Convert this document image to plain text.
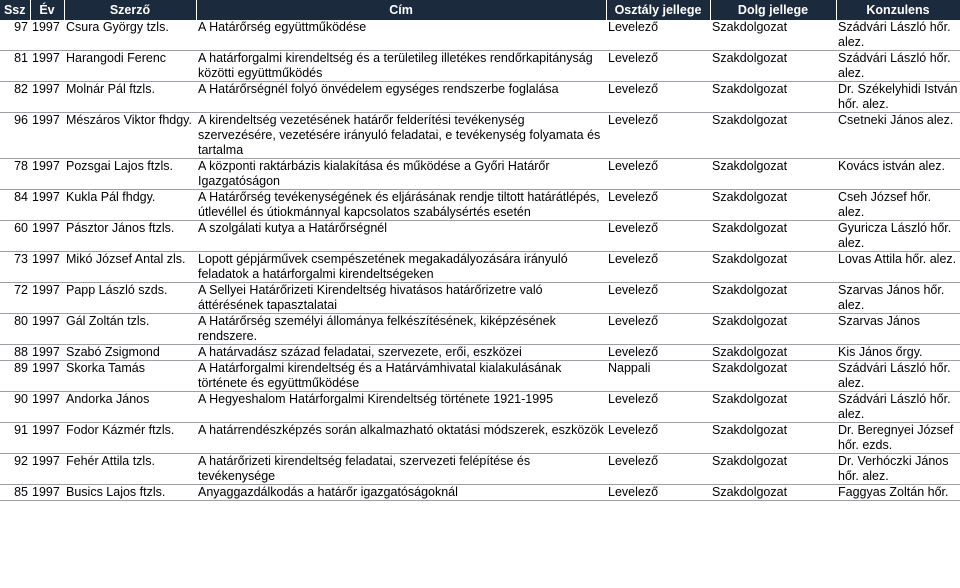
Ssz	Év	Szerző	Cím	Osztály jellege	Dolg jellege	Konzulens
97	1997	Csura György tzls.	A Határőrség együttműködése	Levelező	Szakdolgozat	Szádvári László hőr. alez.
81	1997	Harangodi Ferenc	A határforgalmi kirendeltség és a területileg illetékes rendőrkapitányság közötti együttműködés	Levelező	Szakdolgozat	Szádvári László hőr. alez.
82	1997	Molnár Pál ftzls.	A Határőrségnél folyó önvédelem egységes rendszerbe foglalása	Levelező	Szakdolgozat	Dr. Székelyhidi István hőr. alez.
96	1997	Mészáros Viktor fhdgy.	A kirendeltség vezetésének határőr felderítési tevékenység szervezésére, vezetésére irányuló feladatai, e tevékenység folyamata és tartalma	Levelező	Szakdolgozat	Csetneki János alez.
78	1997	Pozsgai Lajos ftzls.	A központi raktárbázis kialakítása és működése a Győri Határőr Igazgatóságon	Levelező	Szakdolgozat	Kovács istván alez.
84	1997	Kukla Pál fhdgy.	A Határőrség tevékenységének és eljárásának rendje tiltott határátlépés, útlevéllel és útiokmánnyal kapcsolatos szabálysértés esetén	Levelező	Szakdolgozat	Cseh József hőr. alez.
60	1997	Pásztor János ftzls.	A szolgálati kutya a Határőrségnél	Levelező	Szakdolgozat	Gyuricza László hőr. alez.
73	1997	Mikó József Antal zls.	Lopott gépjárművek csempészetének megakadályozására irányuló feladatok a határforgalmi kirendeltségeken	Levelező	Szakdolgozat	Lovas Attila hőr. alez.
72	1997	Papp László szds.	A Sellyei Határőrizeti Kirendeltség hivatásos határőrizetre való áttérésének tapasztalatai	Levelező	Szakdolgozat	Szarvas János hőr. alez.
80	1997	Gál Zoltán tzls.	A Határőrség személyi állománya felkészítésének, kiképzésének rendszere.	Levelező	Szakdolgozat	Szarvas János
88	1997	Szabó Zsigmond	A határvadász század feladatai, szervezete, erői, eszközei	Levelező	Szakdolgozat	Kis János őrgy.
89	1997	Skorka Tamás	A Határforgalmi kirendeltség és a Határvámhivatal kialakulásának története és együttműködése	Nappali	Szakdolgozat	Szádvári László hőr. alez.
90	1997	Andorka János	A Hegyeshalom Határforgalmi Kirendeltség története 1921-1995	Levelező	Szakdolgozat	Szádvári László hőr. alez.
91	1997	Fodor Kázmér ftzls.	A határrendészképzés során alkalmazható oktatási módszerek, eszközök	Levelező	Szakdolgozat	Dr. Beregnyei József hőr. ezds.
92	1997	Fehér Attila tzls.	A határőrizeti kirendeltség feladatai, szervezeti felépítése és tevékenysége	Levelező	Szakdolgozat	Dr. Verhóczki János hőr. alez.
85	1997	Busics Lajos ftzls.	Anyaggazdálkodás a határőr igazgatóságoknál	Levelező	Szakdolgozat	Faggyas Zoltán hőr.
